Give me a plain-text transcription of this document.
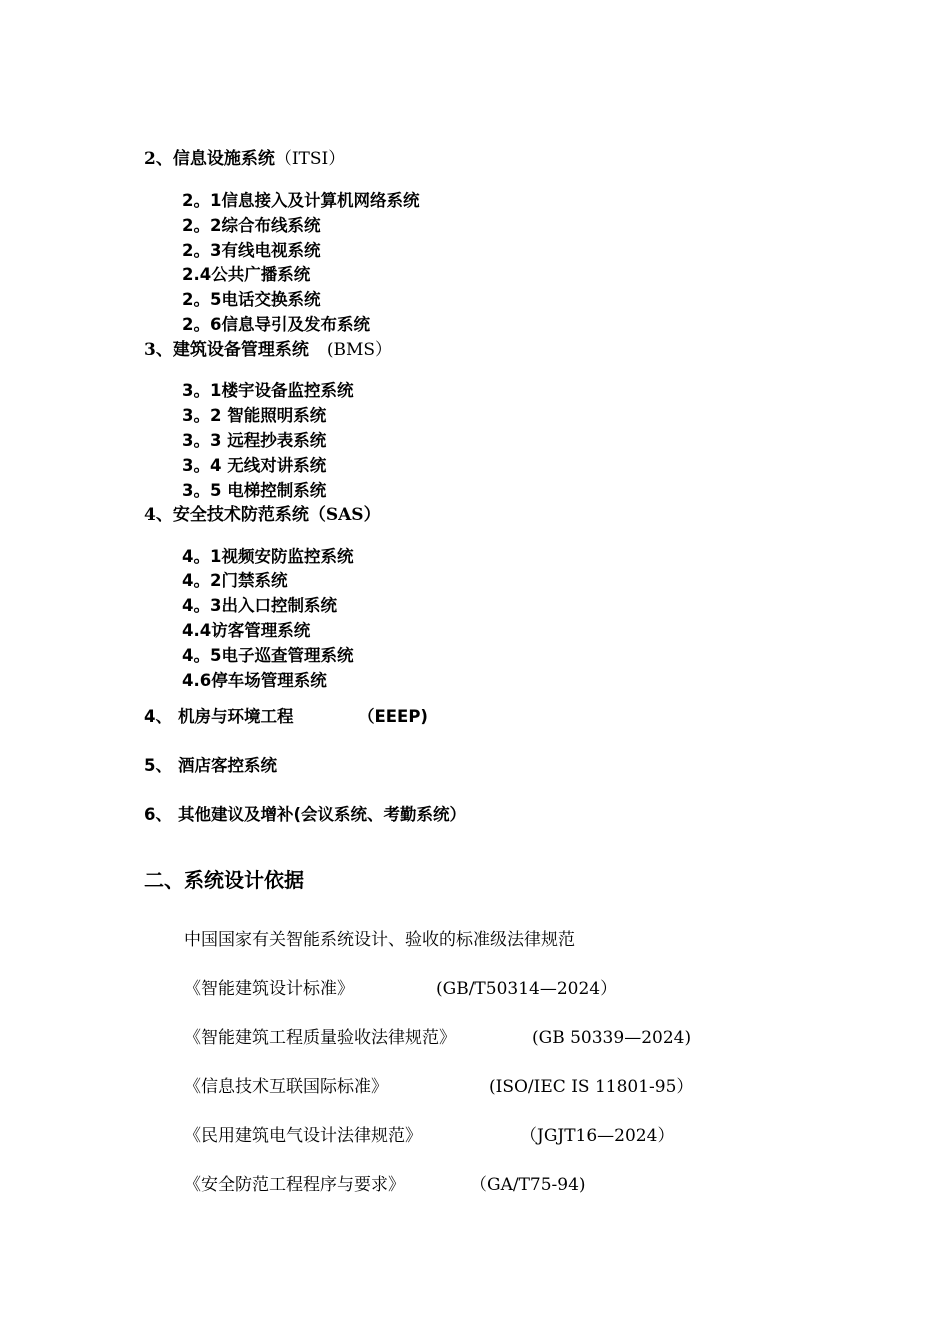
2、信息设施系统（ITSI）
2。1信息接入及计算机网络系统
2。2综合布线系统
2。3有线电视系统
2.4公共广播系统
2。5电话交换系统
2。6信息导引及发布系统
3、建筑设备管理系统 (BMS）
3。1楼宇设备监控系统
3。2 智能照明系统
3。3 远程抄表系统
3。4 无线对讲系统
3。5 电梯控制系统
4、安全技术防范系统（SAS）
4。1视频安防监控系统
4。2门禁系统
4。3出入口控制系统
4.4访客管理系统
4。5电子巡查管理系统
4.6停车场管理系统
4、 机房与环境工程	（EEEP)
5、 酒店客控系统
6、 其他建议及增补(会议系统、考勤系统）
二、系统设计依据
中国国家有关智能系统设计、验收的标准级法律规范
《智能建筑设计标准》	(GB/T50314—2024）
《智能建筑工程质量验收法律规范》	(GB 50339—2024)
《信息技术互联国际标准》	(ISO/IEC IS 11801-95）
《民用建筑电气设计法律规范》	（JGJT16—2024）
《安全防范工程程序与要求》	（GA/T75-94)
